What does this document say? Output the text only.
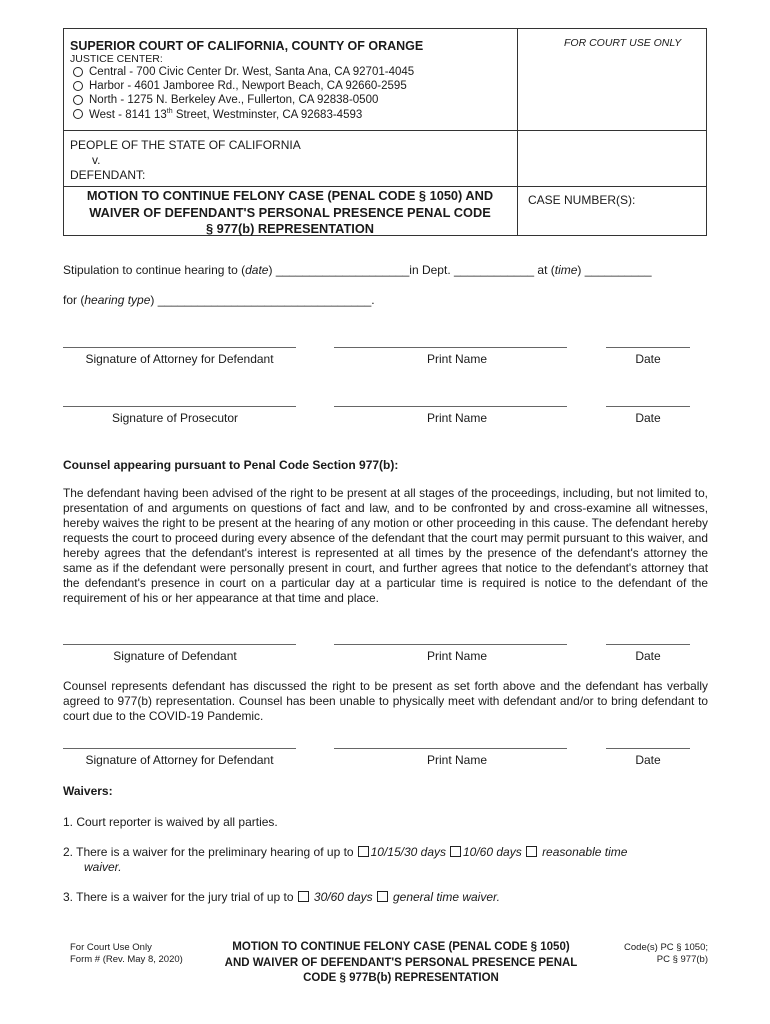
SUPERIOR COURT OF CALIFORNIA, COUNTY OF ORANGE
JUSTICE CENTER:
Central - 700 Civic Center Dr. West, Santa Ana, CA 92701-4045
Harbor - 4601 Jamboree Rd., Newport Beach, CA 92660-2595
North - 1275 N. Berkeley Ave., Fullerton, CA 92838-0500
West - 8141 13th Street, Westminster, CA 92683-4593
FOR COURT USE ONLY
PEOPLE OF THE STATE OF CALIFORNIA
v.
DEFENDANT:
MOTION TO CONTINUE FELONY CASE (PENAL CODE § 1050) AND
WAIVER OF DEFENDANT'S PERSONAL PRESENCE PENAL CODE
§ 977(b) REPRESENTATION
CASE NUMBER(S):
Stipulation to continue hearing to (date) ____________________in Dept. ____________ at (time) __________
for (hearing type) ________________________________.
Signature of Attorney for Defendant	Print Name	Date
Signature of Prosecutor	Print Name	Date
Counsel appearing pursuant to Penal Code Section 977(b):
The defendant having been advised of the right to be present at all stages of the proceedings, including, but not limited to, presentation of and arguments on questions of fact and law, and to be confronted by and cross-examine all witnesses, hereby waives the right to be present at the hearing of any motion or other proceeding in this cause. The defendant hereby requests the court to proceed during every absence of the defendant that the court may permit pursuant to this waiver, and hereby agrees that the defendant's interest is represented at all times by the presence of the defendant's attorney the same as if the defendant were personally present in court, and further agrees that notice to the defendant's attorney that the defendant's presence in court on a particular day at a particular time is required is notice to the defendant of the requirement of his or her appearance at that time and place.
Signature of Defendant	Print Name	Date
Counsel represents defendant has discussed the right to be present as set forth above and the defendant has verbally agreed to 977(b) representation. Counsel has been unable to physically meet with defendant and/or to bring defendant to court due to the COVID-19 Pandemic.
Signature of Attorney for Defendant	Print Name	Date
Waivers:
1. Court reporter is waived by all parties.
2. There is a waiver for the preliminary hearing of up to 10/15/30 days 10/60 days reasonable time
waiver.
3. There is a waiver for the jury trial of up to 30/60 days general time waiver.
For Court Use Only
Form # (Rev. May 8, 2020)
MOTION TO CONTINUE FELONY CASE (PENAL CODE § 1050)
AND WAIVER OF DEFENDANT'S PERSONAL PRESENCE PENAL
CODE § 977B(b) REPRESENTATION
Code(s) PC § 1050;
PC § 977(b)
